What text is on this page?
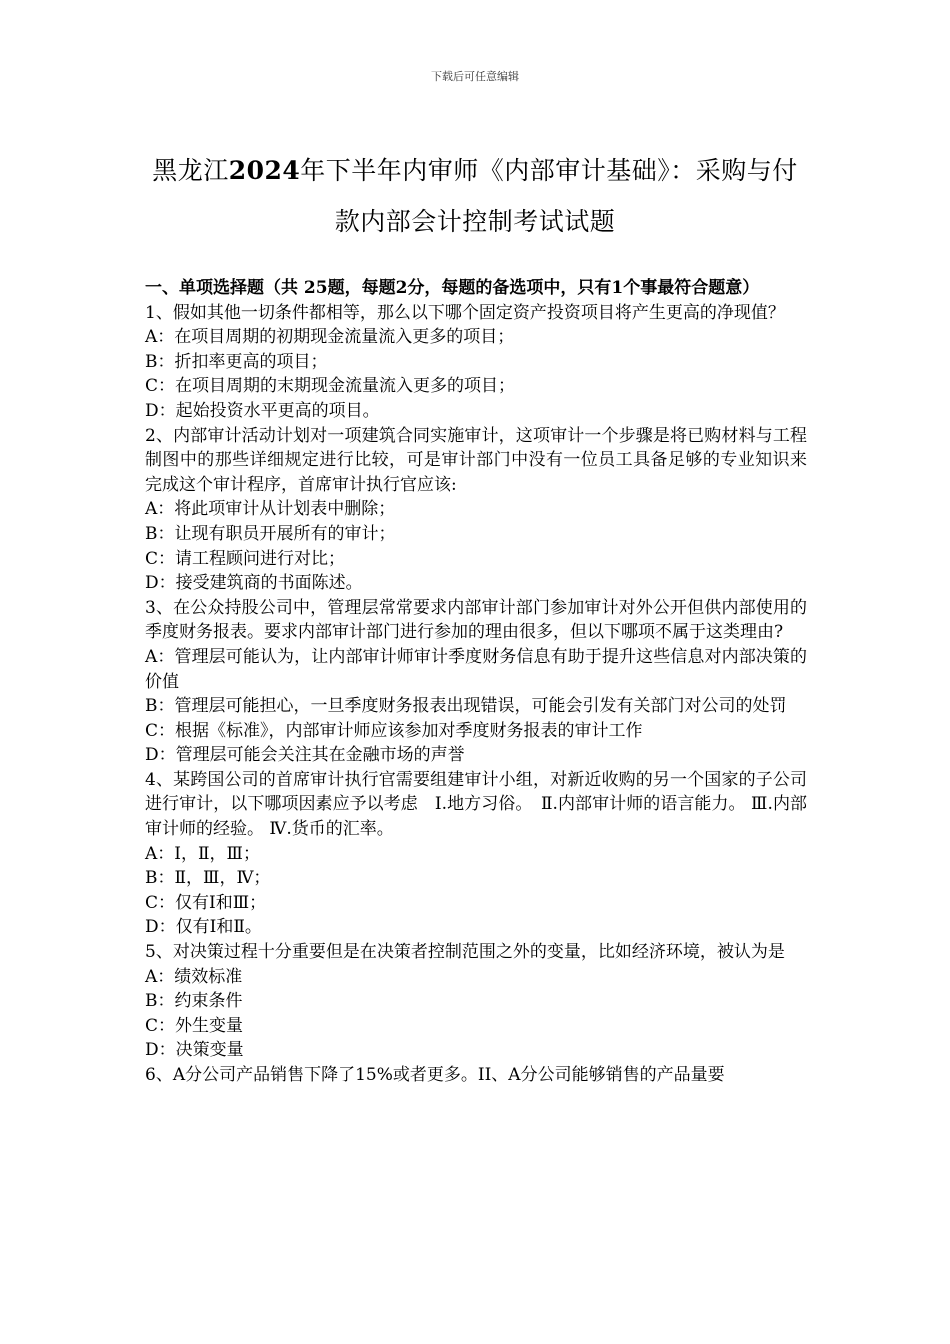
下载后可任意编辑
黑龙江2024年下半年内审师《内部审计基础》：采购与付款内部会计控制考试试题

一、单项选择题（共 25题，每题2分，每题的备选项中，只有1个事最符合题意）

1、假如其他一切条件都相等，那么以下哪个固定资产投资项目将产生更高的净现值？

A：在项目周期的初期现金流量流入更多的项目；

B：折扣率更高的项目；

C：在项目周期的末期现金流量流入更多的项目；

D：起始投资水平更高的项目。

2、内部审计活动计划对一项建筑合同实施审计，这项审计一个步骤是将已购材料与工程制图中的那些详细规定进行比较，可是审计部门中没有一位员工具备足够的专业知识来完成这个审计程序，首席审计执行官应该:

A：将此项审计从计划表中删除；

B：让现有职员开展所有的审计；

C：请工程顾问进行对比；

D：接受建筑商的书面陈述。

3、在公众持股公司中，管理层常常要求内部审计部门参加审计对外公开但供内部使用的季度财务报表。要求内部审计部门进行参加的理由很多，但以下哪项不属于这类理由?

A：管理层可能认为，让内部审计师审计季度财务信息有助于提升这些信息对内部决策的价值

B：管理层可能担心，一旦季度财务报表出现错误，可能会引发有关部门对公司的处罚

C：根据《标准》，内部审计师应该参加对季度财务报表的审计工作

D：管理层可能会关注其在金融市场的声誉

4、某跨国公司的首席审计执行官需要组建审计小组，对新近收购的另一个国家的子公司进行审计，以下哪项因素应予以考虑　Ⅰ.地方习俗。　Ⅱ.内部审计师的语言能力。 Ⅲ.内部审计师的经验。 Ⅳ.货币的汇率。

A：Ⅰ，Ⅱ，Ⅲ；

B：Ⅱ，Ⅲ，Ⅳ；

C：仅有Ⅰ和Ⅲ；

D：仅有Ⅰ和Ⅱ。

5、对决策过程十分重要但是在决策者控制范围之外的变量，比如经济环境，被认为是

A：绩效标准

B：约束条件

C：外生变量

D：决策变量

6、A分公司产品销售下降了15%或者更多。II、A分公司能够销售的产品量要
